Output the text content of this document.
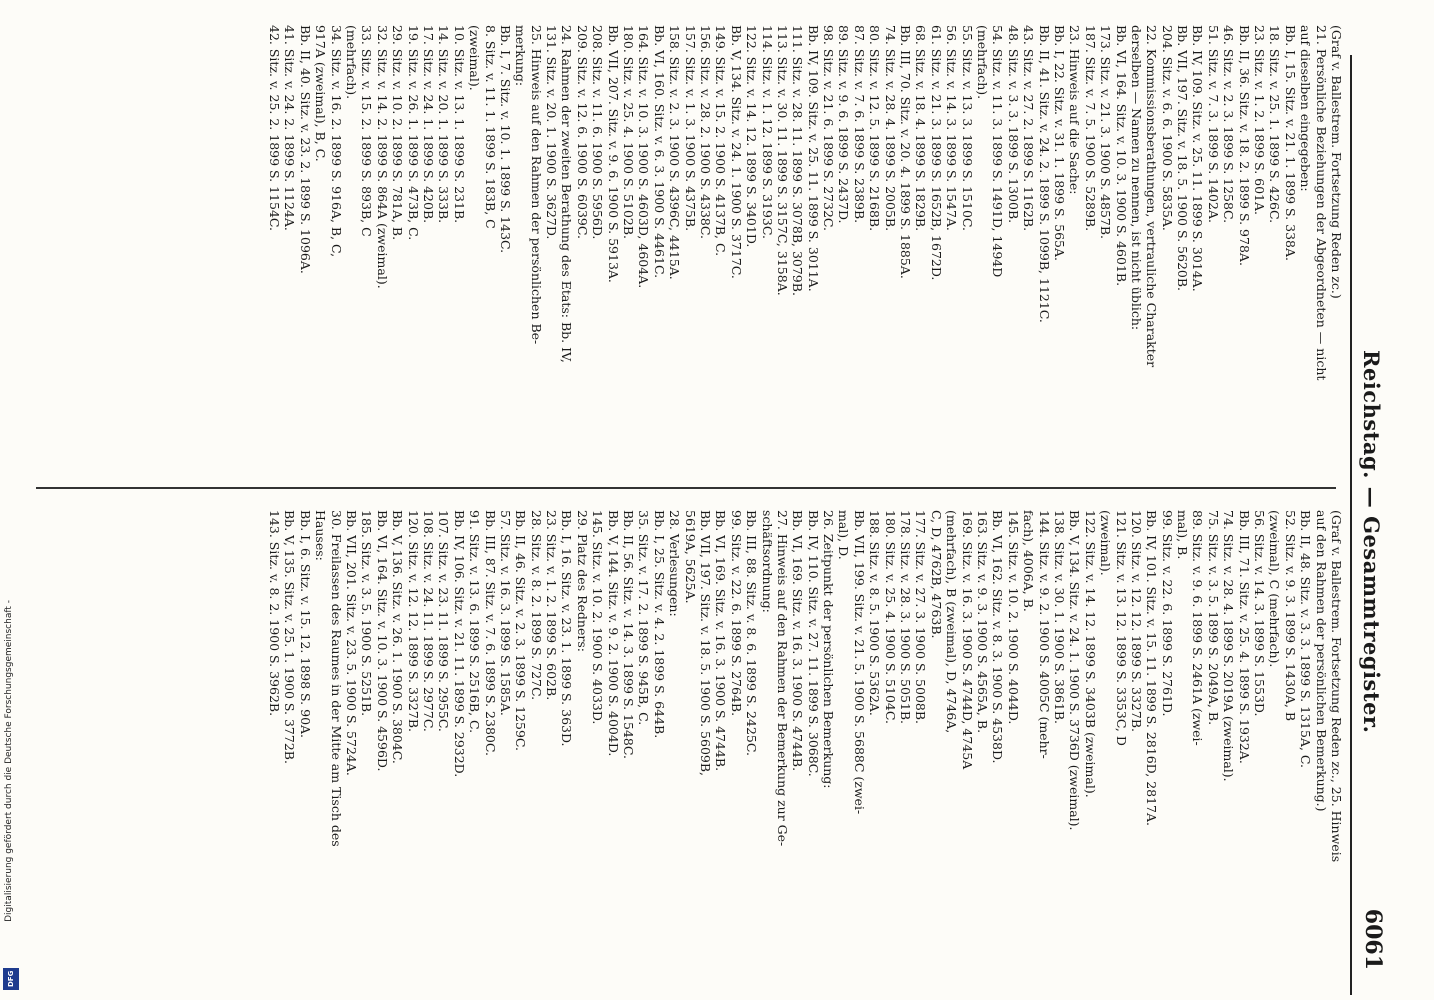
Reichstag. — Gesammtregister.
6061
(Graf v. Ballestrem. Fortsetzung Reden zc.)
21. Persönliche Beziehungen der Abgeordneten — nicht
auf dieselben eingegeben:
Bb. I, 15. Sitz. v. 21. 1. 1899 S. 338A.
18. Sitz. v. 25. 1. 1899 S. 426C.
23. Sitz. v. 1. 2. 1899 S. 601A.
Bb. II, 36. Sitz. v. 18. 2. 1899 S. 978A.
46. Sitz. v. 2. 3. 1899 S. 1258C.
51. Sitz. v. 7. 3. 1899 S. 1402A.
Bb. IV, 109. Sitz. v. 25. 11. 1899 S. 3014A.
Bb. VII, 197. Sitz. v. 18. 5. 1900 S. 5620B.
204. Sitz. v. 6. 6. 1900 S. 5835A.
22. Kommissionsberathungen, vertrauliche Charakter
derselben — Namen zu nennen, ist nicht üblich:
Bb. VI, 164. Sitz. v. 10. 3. 1900 S. 4601B.
173. Sitz. v. 21. 3. 1900 S. 4857B.
187. Sitz. v. 7. 5. 1900 S. 5289B.
23. Hinweis auf die Sache:
Bb. I, 22. Sitz. v. 31. 1. 1899 S. 565A.
Bb. II, 41. Sitz. v. 24. 2. 1899 S. 1099B, 1121C.
43. Sitz. v. 27. 2. 1899 S. 1162B.
48. Sitz. v. 3. 3. 1899 S. 1300B.
54. Sitz. v. 11. 3. 1899 S. 1491D, 1494D
(mehrfach).
55. Sitz. v. 13. 3. 1899 S. 1510C.
56. Sitz. v. 14. 3. 1899 S. 1547A.
61. Sitz. v. 21. 3. 1899 S. 1652B, 1672D.
68. Sitz. v. 18. 4. 1899 S. 1829B.
Bb. III, 70. Sitz. v. 20. 4. 1899 S. 1885A.
74. Sitz. v. 28. 4. 1899 S. 2005B.
80. Sitz. v. 12. 5. 1899 S. 2168B.
87. Sitz. v. 7. 6. 1899 S. 2389B.
89. Sitz. v. 9. 6. 1899 S. 2437D.
98. Sitz. v. 21. 6. 1899 S. 2732C.
Bb. IV, 109. Sitz. v. 25. 11. 1899 S. 3011A.
111. Sitz. v. 28. 11. 1899 S. 3078B, 3079B.
113. Sitz. v. 30. 11. 1899 S. 3157C, 3158A.
114. Sitz. v. 1. 12. 1899 S. 3193C.
122. Sitz. v. 14. 12. 1899 S. 3401D.
Bb. V, 134. Sitz. v. 24. 1. 1900 S. 3717C.
149. Sitz. v. 15. 2. 1900 S. 4137B, C.
156. Sitz. v. 28. 2. 1900 S. 4338C.
157. Sitz. v. 1. 3. 1900 S. 4375B.
158. Sitz. v. 2. 3. 1900 S. 4396C, 4415A.
Bb. VI, 160. Sitz. v. 6. 3. 1900 S. 4461C.
164. Sitz. v. 10. 3. 1900 S. 4603D, 4604A.
180. Sitz. v. 25. 4. 1900 S. 5102B.
Bb. VII, 207. Sitz. v. 9. 6. 1900 S. 5913A.
208. Sitz. v. 11. 6. 1900 S. 5956D.
209. Sitz. v. 12. 6. 1900 S. 6039C.
24. Rahmen der zweiten Berathung des Etats: Bb. IV,
131. Sitz. v. 20. 1. 1900 S. 3627D.
25. Hinweis auf den Rahmen der persönlichen Be-
merkung:
Bb. I, 7. Sitz. v. 10. 1. 1899 S. 143C.
8. Sitz. v. 11. 1. 1899 S. 183B, C
(zweimal).
10. Sitz. v. 13. 1. 1899 S. 231B.
14. Sitz. v. 20. 1. 1899 S. 333B.
17. Sitz. v. 24. 1. 1899 S. 420B.
19. Sitz. v. 26. 1. 1899 S. 473B, C.
29. Sitz. v. 10. 2. 1899 S. 781A, B.
32. Sitz. v. 14. 2. 1899 S. 864A (zweimal).
33. Sitz. v. 15. 2. 1899 S. 893B, C
(mehrfach).
34. Sitz. v. 16. 2. 1899 S. 916A, B, C,
917A (zweimal), B, C.
Bb. II, 40. Sitz. v. 23. 2. 1899 S. 1096A.
41. Sitz. v. 24. 2. 1899 S. 1124A.
42. Sitz. v. 25. 2. 1899 S. 1154C.
(Graf v. Ballestrem. Fortsetzung Reden zc., 25. Hinweis
auf den Rahmen der persönlichen Bemerkung.)
Bb. II, 48. Sitz. v. 3. 3. 1899 S. 1315A, C.
52. Sitz. v. 9. 3. 1899 S. 1430A, B
(zweimal), C (mehrfach).
56. Sitz. v. 14. 3. 1899 S. 1553D.
Bb. III, 71. Sitz. v. 25. 4. 1899 S. 1932A.
74. Sitz. v. 28. 4. 1899 S. 2019A (zweimal).
75. Sitz. v. 3. 5. 1899 S. 2049A, B.
89. Sitz. v. 9. 6. 1899 S. 2461A (zwei-
mal), B.
99. Sitz. v. 22. 6. 1899 S. 2761D.
Bb. IV, 101. Sitz. v. 15. 11. 1899 S. 2816D, 2817A.
120. Sitz. v. 12. 12. 1899 S. 3327B.
121. Sitz. v. 13. 12. 1899 S. 3353C, D
(zweimal).
122. Sitz. v. 14. 12. 1899 S. 3403B (zweimal).
Bb. V, 134. Sitz. v. 24. 1. 1900 S. 3736D (zweimal).
138. Sitz. v. 30. 1. 1900 S. 3861B.
144. Sitz. v. 9. 2. 1900 S. 4005C (mehr-
fach), 4006A, B.
145. Sitz. v. 10. 2. 1900 S. 4044D.
Bb. VI, 162. Sitz. v. 8. 3. 1900 S. 4538D.
163. Sitz. v. 9. 3. 1900 S. 4565A, B.
169. Sitz. v. 16. 3. 1900 S. 4744D, 4745A
(mehrfach), B (zweimal), D, 4746A,
C, D, 4762B, 4763B.
177. Sitz. v. 27. 3. 1900 S. 5008B.
178. Sitz. v. 28. 3. 1900 S. 5051B.
180. Sitz. v. 25. 4. 1900 S. 5104C.
188. Sitz. v. 8. 5. 1900 S. 5362A.
Bb. VII, 199. Sitz. v. 21. 5. 1900 S. 5688C (zwei-
mal), D.
26. Zeitpunkt der persönlichen Bemerkung:
Bb. IV, 110. Sitz. v. 27. 11. 1899 S. 3068C.
Bb. VI, 169. Sitz. v. 16. 3. 1900 S. 4744B.
27. Hinweis auf den Rahmen der Bemerkung zur Ge-
schäftsordnung:
Bb. III, 88. Sitz. v. 8. 6. 1899 S. 2425C.
99. Sitz. v. 22. 6. 1899 S. 2764B.
Bb. VI, 169. Sitz. v. 16. 3. 1900 S. 4744B.
Bb. VII, 197. Sitz. v. 18. 5. 1900 S. 5609B,
5619A, 5625A.
28. Verlesungen:
Bb. I, 25. Sitz. v. 4. 2. 1899 S. 644B.
35. Sitz. v. 17. 2. 1899 S. 945B, C.
Bb. II, 56. Sitz. v. 14. 3. 1899 S. 1548C.
Bb. V, 144. Sitz. v. 9. 2. 1900 S. 4004D.
145. Sitz. v. 10. 2. 1900 S. 4033D.
29. Platz des Redners:
Bb. I, 16. Sitz. v. 23. 1. 1899 S. 363D.
23. Sitz. v. 1. 2. 1899 S. 602B.
28. Sitz. v. 8. 2. 1899 S. 727C.
Bb. II, 46. Sitz. v. 2. 3. 1899 S. 1259C.
57. Sitz. v. 16. 3. 1899 S. 1585A.
Bb. III, 87. Sitz. v. 7. 6. 1899 S. 2380C.
91. Sitz. v. 13. 6. 1899 S. 2516B, C.
Bb. IV, 106. Sitz. v. 21. 11. 1899 S. 2932D.
107. Sitz. v. 23. 11. 1899 S. 2955C.
108. Sitz. v. 24. 11. 1899 S. 2977C.
120. Sitz. v. 12. 12. 1899 S. 3327B.
Bb. V, 136. Sitz. v. 26. 1. 1900 S. 3804C.
Bb. VI, 164. Sitz. v. 10. 3. 1900 S. 4596D.
185. Sitz. v. 3. 5. 1900 S. 5251B.
Bb. VII, 201. Sitz. v. 23. 5. 1900 S. 5724A.
30. Freilassen des Raumes in der Mitte am Tisch des
Hauses:
Bb. I, 6. Sitz. v. 15. 12. 1898 S. 90A.
Bb. V, 135. Sitz. v. 25. 1. 1900 S. 3772B.
143. Sitz. v. 8. 2. 1900 S. 3962B.
Digitalisierung gefördert durch die Deutsche Forschungsgemeinschaft -
DFG
